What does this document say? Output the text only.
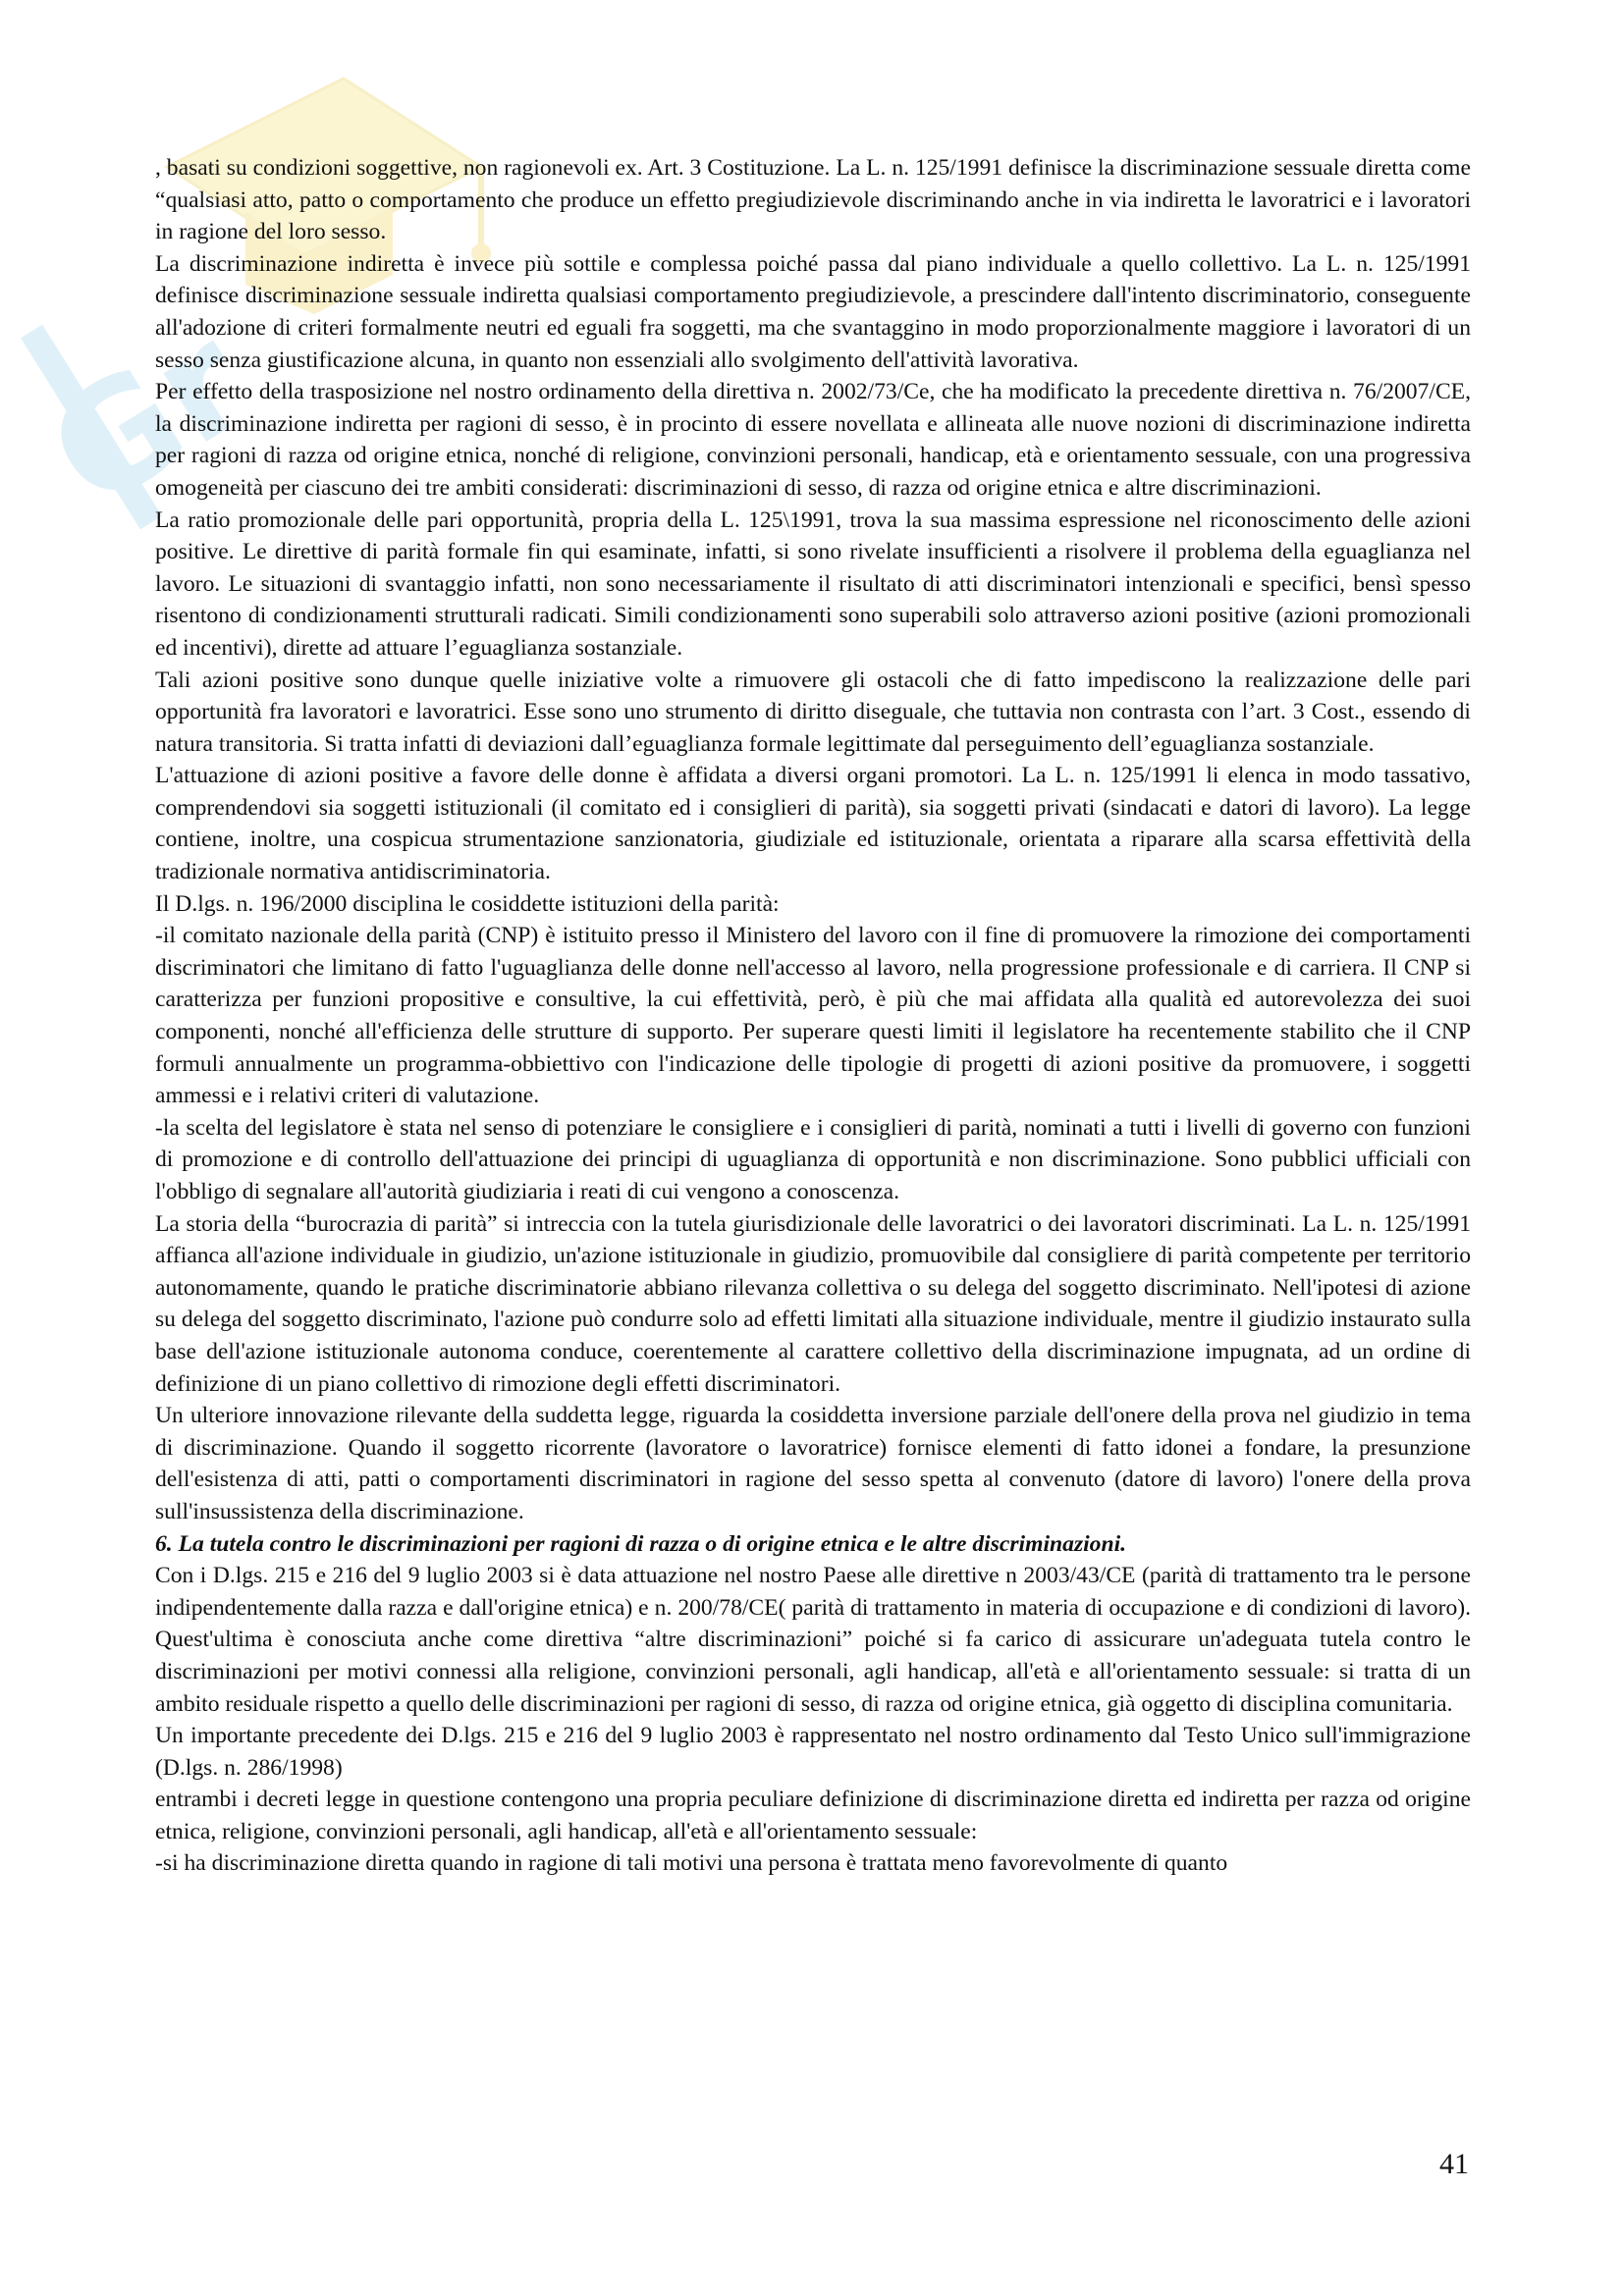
Gr

, basati su condizioni soggettive, non ragionevoli ex. Art. 3 Costituzione. La L. n. 125/1991 definisce la discriminazione sessuale diretta come “qualsiasi atto, patto o comportamento che produce un effetto pregiudizievole discriminando anche in via indiretta le lavoratrici e i lavoratori in ragione del loro sesso.

La discriminazione indiretta è invece più sottile e complessa poiché passa dal piano individuale a quello collettivo. La L. n. 125/1991 definisce discriminazione sessuale indiretta qualsiasi comportamento pregiudizievole, a prescindere dall'intento discriminatorio, conseguente all'adozione di criteri formalmente neutri ed eguali fra soggetti, ma che svantaggino in modo proporzionalmente maggiore i lavoratori di un sesso senza giustificazione alcuna, in quanto non essenziali allo svolgimento dell'attività lavorativa.

Per effetto della trasposizione nel nostro ordinamento della direttiva n. 2002/73/Ce, che ha modificato la precedente direttiva n. 76/2007/CE, la discriminazione indiretta per ragioni di sesso, è in procinto di essere novellata e allineata alle nuove nozioni di discriminazione indiretta per ragioni di razza od origine etnica, nonché di religione, convinzioni personali, handicap, età e orientamento sessuale, con una progressiva omogeneità per ciascuno dei tre ambiti considerati: discriminazioni di sesso, di razza od origine etnica e altre discriminazioni.

La ratio promozionale delle pari opportunità, propria della L. 125\1991, trova la sua massima espressione nel riconoscimento delle azioni positive. Le direttive di parità formale fin qui esaminate, infatti, si sono rivelate insufficienti a risolvere il problema della eguaglianza nel lavoro. Le situazioni di svantaggio infatti, non sono necessariamente il risultato di atti discriminatori intenzionali e specifici, bensì spesso risentono di condizionamenti strutturali radicati. Simili condizionamenti sono superabili solo attraverso azioni positive (azioni promozionali ed incentivi), dirette ad attuare l’eguaglianza sostanziale.

Tali azioni positive sono dunque quelle iniziative volte a rimuovere gli ostacoli che di fatto impediscono la realizzazione delle pari opportunità fra lavoratori e lavoratrici. Esse sono uno strumento di diritto diseguale, che tuttavia non contrasta con l’art. 3 Cost., essendo di natura transitoria. Si tratta infatti di deviazioni dall’eguaglianza formale legittimate dal perseguimento dell’eguaglianza sostanziale.

L'attuazione di azioni positive a favore delle donne è affidata a diversi organi promotori. La L. n. 125/1991 li elenca in modo tassativo, comprendendovi sia soggetti istituzionali (il comitato ed i consiglieri di parità), sia soggetti privati (sindacati e datori di lavoro). La legge contiene, inoltre, una cospicua strumentazione sanzionatoria, giudiziale ed istituzionale, orientata a riparare alla scarsa effettività della tradizionale normativa antidiscriminatoria.

Il D.lgs. n. 196/2000 disciplina le cosiddette istituzioni della parità:

-il comitato nazionale della parità (CNP) è istituito presso il Ministero del lavoro con il fine di promuovere la rimozione dei comportamenti discriminatori che limitano di fatto l'uguaglianza delle donne nell'accesso al lavoro, nella progressione professionale e di carriera. Il CNP si caratterizza per funzioni propositive e consultive, la cui effettività, però, è più che mai affidata alla qualità ed autorevolezza dei suoi componenti, nonché all'efficienza delle strutture di supporto. Per superare questi limiti il legislatore ha recentemente stabilito che il CNP formuli annualmente un programma-obbiettivo con l'indicazione delle tipologie di progetti di azioni positive da promuovere, i soggetti ammessi e i relativi criteri di valutazione.

-la scelta del legislatore è stata nel senso di potenziare le consigliere e i consiglieri di parità, nominati a tutti i livelli di governo con funzioni di promozione e di controllo dell'attuazione dei principi di uguaglianza di opportunità e non discriminazione. Sono pubblici ufficiali con l'obbligo di segnalare all'autorità giudiziaria i reati di cui vengono a conoscenza.

La storia della “burocrazia di parità” si intreccia con la tutela giurisdizionale delle lavoratrici o dei lavoratori discriminati. La L. n. 125/1991 affianca all'azione individuale in giudizio, un'azione istituzionale in giudizio, promuovibile dal consigliere di parità competente per territorio autonomamente, quando le pratiche discriminatorie abbiano rilevanza collettiva o su delega del soggetto discriminato. Nell'ipotesi di azione su delega del soggetto discriminato, l'azione può condurre solo ad effetti limitati alla situazione individuale, mentre il giudizio instaurato sulla base dell'azione istituzionale autonoma conduce, coerentemente al carattere collettivo della discriminazione impugnata, ad un ordine di definizione di un piano collettivo di rimozione degli effetti discriminatori.

Un ulteriore innovazione rilevante della suddetta legge, riguarda la cosiddetta inversione parziale dell'onere della prova nel giudizio in tema di discriminazione. Quando il soggetto ricorrente (lavoratore o lavoratrice) fornisce elementi di fatto idonei a fondare, la presunzione dell'esistenza di atti, patti o comportamenti discriminatori in ragione del sesso spetta al convenuto (datore di lavoro) l'onere della prova sull'insussistenza della discriminazione.

6. La tutela contro le discriminazioni per ragioni di razza o di origine etnica e le altre discriminazioni.

Con i D.lgs. 215 e 216 del 9 luglio 2003 si è data attuazione nel nostro Paese alle direttive n 2003/43/CE (parità di trattamento tra le persone indipendentemente dalla razza e dall'origine etnica) e n. 200/78/CE( parità di trattamento in materia di occupazione e di condizioni di lavoro). Quest'ultima è conosciuta anche come direttiva “altre discriminazioni” poiché si fa carico di assicurare un'adeguata tutela contro le discriminazioni per motivi connessi alla religione, convinzioni personali, agli handicap, all'età e all'orientamento sessuale: si tratta di un ambito residuale rispetto a quello delle discriminazioni per ragioni di sesso, di razza od origine etnica, già oggetto di disciplina comunitaria.

Un importante precedente dei D.lgs. 215 e 216 del 9 luglio 2003 è rappresentato nel nostro ordinamento dal Testo Unico sull'immigrazione (D.lgs. n. 286/1998)

entrambi i decreti legge in questione contengono una propria peculiare definizione di discriminazione diretta ed indiretta per razza od origine etnica, religione, convinzioni personali, agli handicap, all'età e all'orientamento sessuale:

-si ha discriminazione diretta quando in ragione di tali motivi una persona è trattata meno favorevolmente di quanto

41
